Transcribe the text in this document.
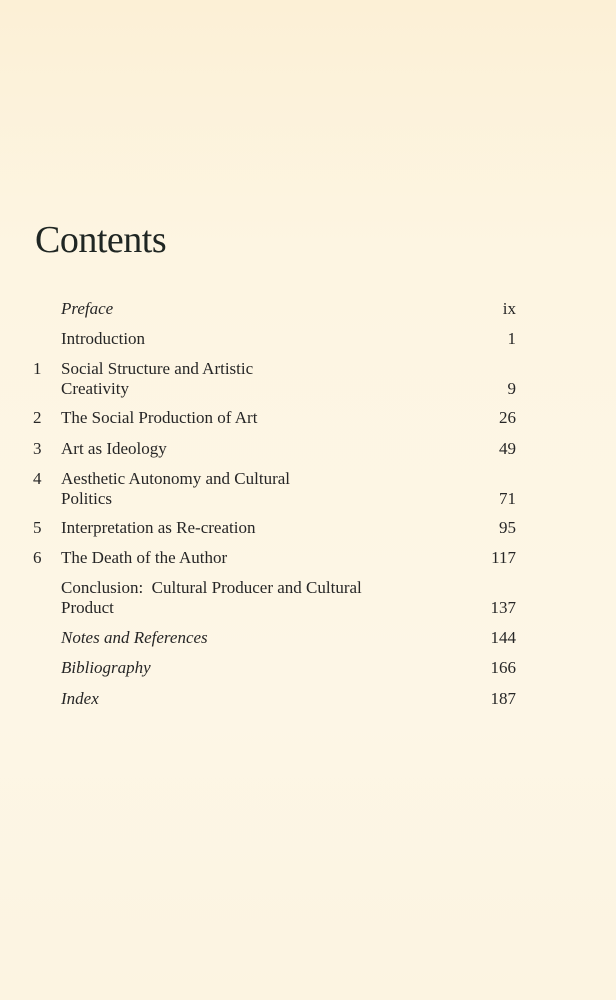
Contents
Preface	ix
Introduction	1
1 Social Structure and Artistic
Creativity	9
2 The Social Production of Art	26
3 Art as Ideology	49
4 Aesthetic Autonomy and Cultural
Politics	71
5 Interpretation as Re-creation	95
6 The Death of the Author	117
Conclusion:  Cultural Producer and Cultural
Product	137
Notes and References	144
Bibliography	166
Index	187
